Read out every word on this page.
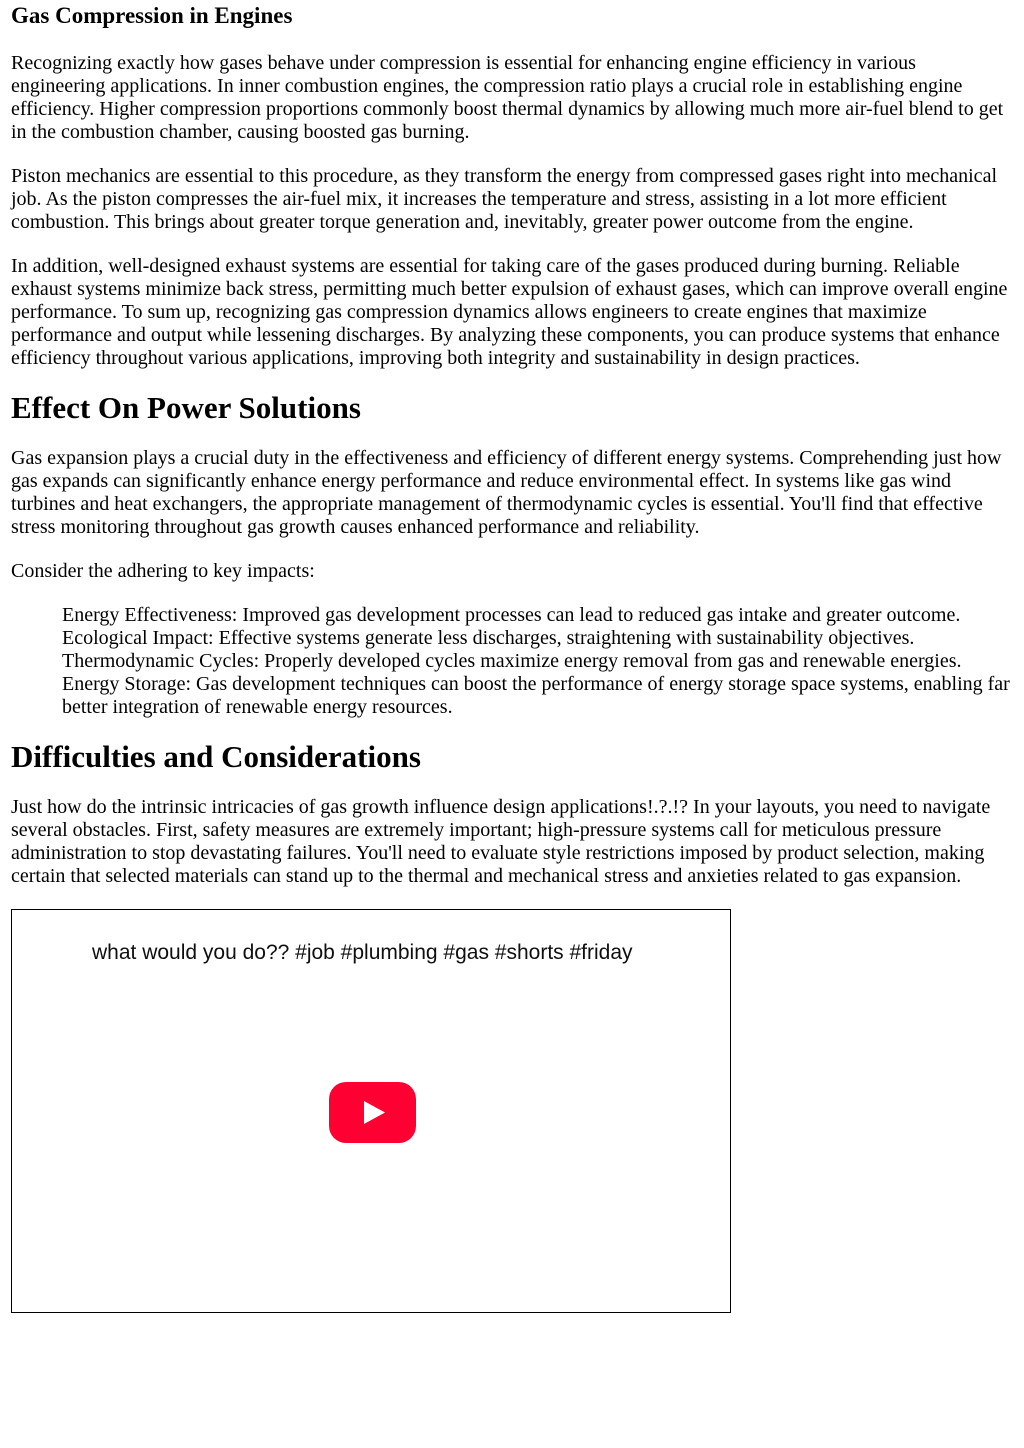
Gas Compression in Engines

Recognizing exactly how gases behave under compression is essential for enhancing engine efficiency in various engineering applications. In inner combustion engines, the compression ratio plays a crucial role in establishing engine efficiency. Higher compression proportions commonly boost thermal dynamics by allowing much more air-fuel blend to get in the combustion chamber, causing boosted gas burning.

Piston mechanics are essential to this procedure, as they transform the energy from compressed gases right into mechanical job. As the piston compresses the air-fuel mix, it increases the temperature and stress, assisting in a lot more efficient combustion. This brings about greater torque generation and, inevitably, greater power outcome from the engine.

In addition, well-designed exhaust systems are essential for taking care of the gases produced during burning. Reliable exhaust systems minimize back stress, permitting much better expulsion of exhaust gases, which can improve overall engine performance. To sum up, recognizing gas compression dynamics allows engineers to create engines that maximize performance and output while lessening discharges. By analyzing these components, you can produce systems that enhance efficiency throughout various applications, improving both integrity and sustainability in design practices.

Effect On Power Solutions

Gas expansion plays a crucial duty in the effectiveness and efficiency of different energy systems. Comprehending just how gas expands can significantly enhance energy performance and reduce environmental effect. In systems like gas wind turbines and heat exchangers, the appropriate management of thermodynamic cycles is essential. You'll find that effective stress monitoring throughout gas growth causes enhanced performance and reliability.

Consider the adhering to key impacts:

Energy Effectiveness: Improved gas development processes can lead to reduced gas intake and greater outcome.
Ecological Impact: Effective systems generate less discharges, straightening with sustainability objectives.
Thermodynamic Cycles: Properly developed cycles maximize energy removal from gas and renewable energies.
Energy Storage: Gas development techniques can boost the performance of energy storage space systems, enabling far better integration of renewable energy resources.
Difficulties and Considerations

Just how do the intrinsic intricacies of gas growth influence design applications!.?.!? In your layouts, you need to navigate several obstacles. First, safety measures are extremely important; high-pressure systems call for meticulous pressure administration to stop devastating failures. You'll need to evaluate style restrictions imposed by product selection, making certain that selected materials can stand up to the thermal and mechanical stress and anxieties related to gas expansion.

what would you do?? #job #plumbing #gas #shorts #friday
